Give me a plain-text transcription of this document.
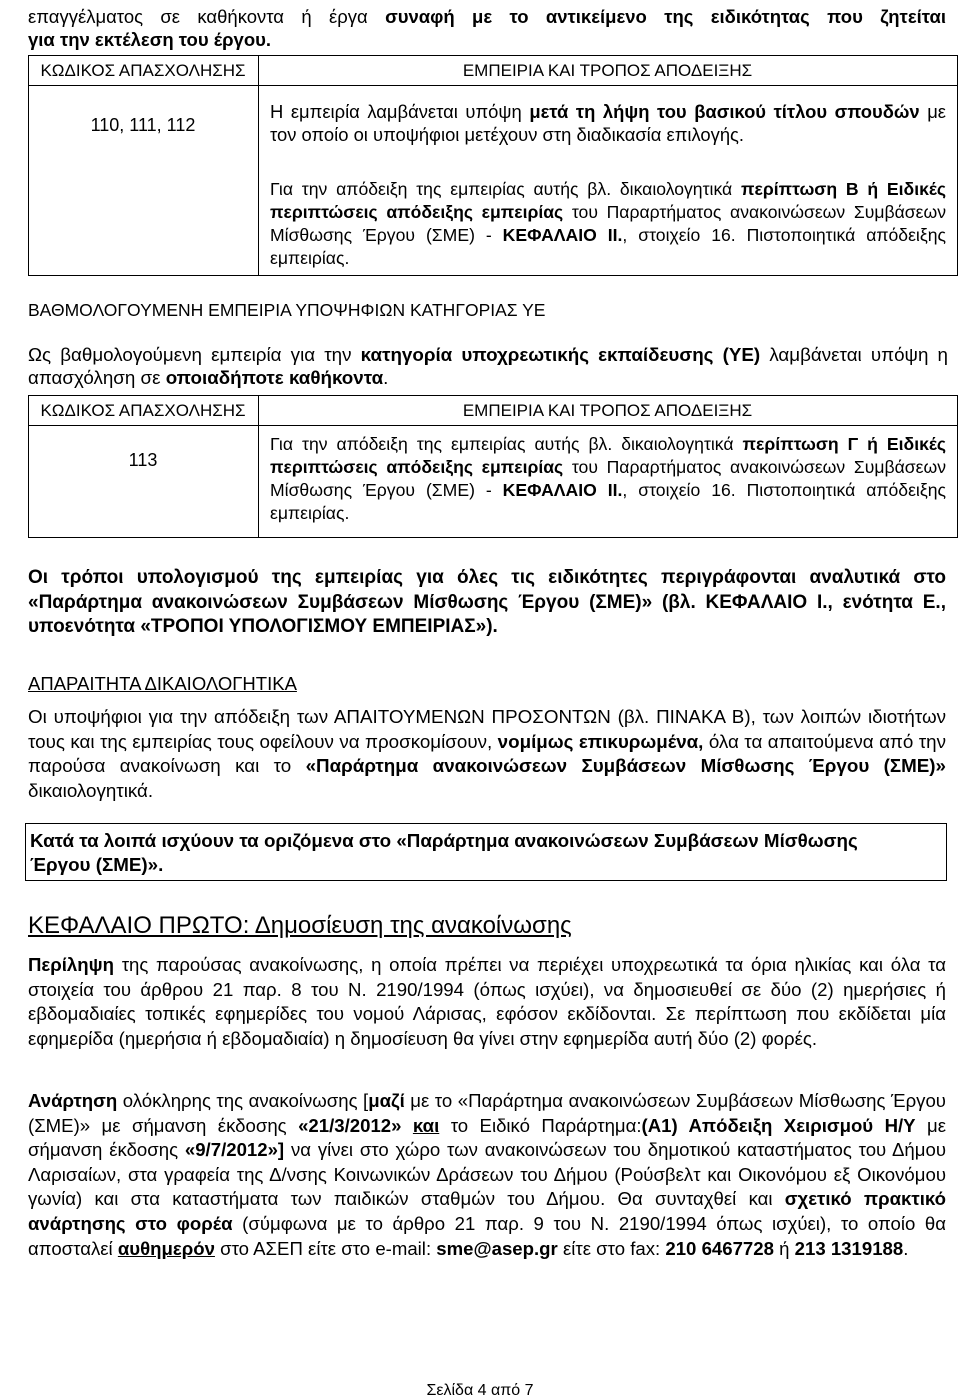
επαγγέλματος σε καθήκοντα ή έργα συναφή με το αντικείμενο της ειδικότητας που ζητείται
για την εκτέλεση του έργου.
ΚΩΔΙΚΟΣ ΑΠΑΣΧΟΛΗΣΗΣ	ΕΜΠΕΙΡΙΑ ΚΑΙ ΤΡΟΠΟΣ ΑΠΟΔΕΙΞΗΣ
110, 111, 112
Η εμπειρία λαμβάνεται υπόψη μετά τη λήψη του βασικού τίτλου σπουδών με τον οποίο οι υποψήφιοι μετέχουν στη διαδικασία επιλογής.
Για την απόδειξη της εμπειρίας αυτής βλ. δικαιολογητικά περίπτωση Β ή Ειδικές περιπτώσεις απόδειξης εμπειρίας του Παραρτήματος ανακοινώσεων Συμβάσεων Μίσθωσης Έργου (ΣΜΕ) - ΚΕΦΑΛΑΙΟ ΙΙ., στοιχείο 16. Πιστοποιητικά απόδειξης εμπειρίας.
ΒΑΘΜΟΛΟΓΟΥΜΕΝΗ ΕΜΠΕΙΡΙΑ ΥΠΟΨΗΦΙΩΝ ΚΑΤΗΓΟΡΙΑΣ ΥΕ
Ως βαθμολογούμενη εμπειρία για την κατηγορία υποχρεωτικής εκπαίδευσης (ΥΕ) λαμβάνεται υπόψη η απασχόληση σε οποιαδήποτε καθήκοντα.
ΚΩΔΙΚΟΣ ΑΠΑΣΧΟΛΗΣΗΣ	ΕΜΠΕΙΡΙΑ ΚΑΙ ΤΡΟΠΟΣ ΑΠΟΔΕΙΞΗΣ
113
Για την απόδειξη της εμπειρίας αυτής βλ. δικαιολογητικά περίπτωση Γ ή Ειδικές περιπτώσεις απόδειξης εμπειρίας του Παραρτήματος ανακοινώσεων Συμβάσεων Μίσθωσης Έργου (ΣΜΕ) - ΚΕΦΑΛΑΙΟ ΙΙ., στοιχείο 16. Πιστοποιητικά απόδειξης εμπειρίας.
Οι τρόποι υπολογισμού της εμπειρίας για όλες τις ειδικότητες περιγράφονται αναλυτικά στο «Παράρτημα ανακοινώσεων Συμβάσεων Μίσθωσης Έργου (ΣΜΕ)» (βλ. ΚΕΦΑΛΑΙΟ Ι., ενότητα Ε., υποενότητα «ΤΡΟΠΟΙ ΥΠΟΛΟΓΙΣΜΟΥ ΕΜΠΕΙΡΙΑΣ»).
ΑΠΑΡΑΙΤΗΤΑ ΔΙΚΑΙΟΛΟΓΗΤΙΚΑ
Οι υποψήφιοι για την απόδειξη των ΑΠΑΙΤΟΥΜΕΝΩΝ ΠΡΟΣΟΝΤΩΝ (βλ. ΠΙΝΑΚΑ Β), των λοιπών ιδιοτήτων τους και της εμπειρίας τους οφείλουν να προσκομίσουν, νομίμως επικυρωμένα, όλα τα απαιτούμενα από την παρούσα ανακοίνωση και το «Παράρτημα ανακοινώσεων Συμβάσεων Μίσθωσης Έργου (ΣΜΕ)» δικαιολογητικά.
Κατά τα λοιπά ισχύουν τα οριζόμενα στο «Παράρτημα ανακοινώσεων Συμβάσεων Μίσθωσης Έργου (ΣΜΕ)».
ΚΕΦΑΛΑΙΟ ΠΡΩΤΟ: Δημοσίευση της ανακοίνωσης
Περίληψη της παρούσας ανακοίνωσης, η οποία πρέπει να περιέχει υποχρεωτικά τα όρια ηλικίας και όλα τα στοιχεία του άρθρου 21 παρ. 8 του Ν. 2190/1994 (όπως ισχύει), να δημοσιευθεί σε δύο (2) ημερήσιες ή εβδομαδιαίες τοπικές εφημερίδες του νομού Λάρισας, εφόσον εκδίδονται. Σε περίπτωση που εκδίδεται μία εφημερίδα (ημερήσια ή εβδομαδιαία) η δημοσίευση θα γίνει στην εφημερίδα αυτή δύο (2) φορές.
Ανάρτηση ολόκληρης της ανακοίνωσης [μαζί με το «Παράρτημα ανακοινώσεων Συμβάσεων Μίσθωσης Έργου (ΣΜΕ)» με σήμανση έκδοσης «21/3/2012» και το Ειδικό Παράρτημα:(Α1) Απόδειξη Χειρισμού Η/Υ με σήμανση έκδοσης «9/7/2012»] να γίνει στο χώρο των ανακοινώσεων του δημοτικού καταστήματος του Δήμου Λαρισαίων, στα γραφεία της Δ/νσης Κοινωνικών Δράσεων του Δήμου (Ρούσβελτ και Οικονόμου εξ Οικονόμου γωνία) και στα καταστήματα των παιδικών σταθμών του Δήμου. Θα συνταχθεί και σχετικό πρακτικό ανάρτησης στο φορέα (σύμφωνα με το άρθρο 21 παρ. 9 του Ν. 2190/1994 όπως ισχύει), το οποίο θα αποσταλεί αυθημερόν στο ΑΣΕΠ είτε στο e-mail: sme@asep.gr είτε στο fax: 210 6467728 ή 213 1319188.
Σελίδα 4 από 7
